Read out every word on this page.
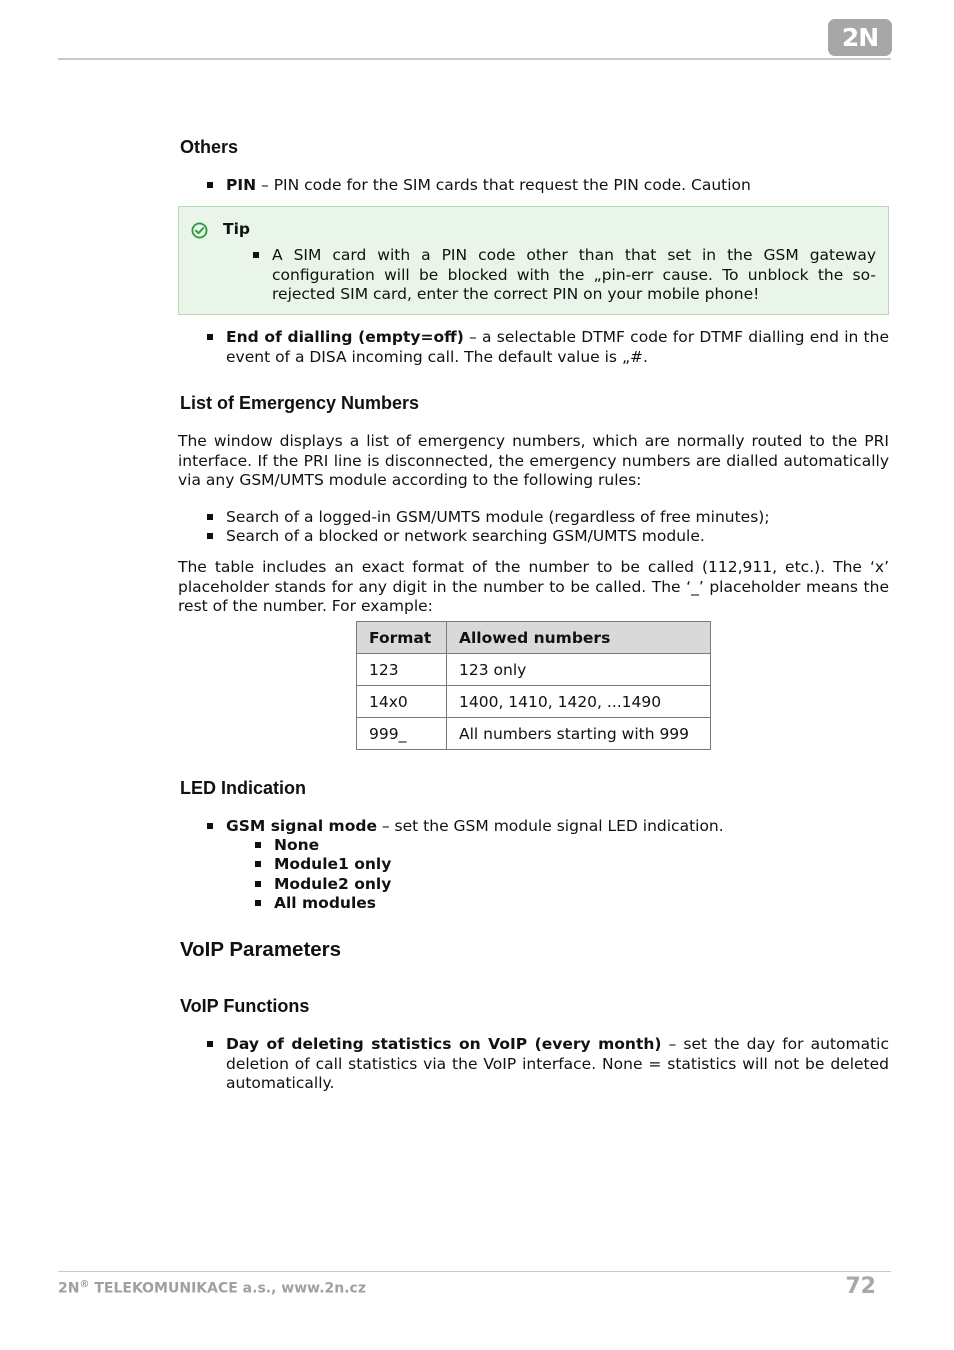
2N
Others
PIN – PIN code for the SIM cards that request the PIN code. Caution
Tip
A SIM card with a PIN code other than that set in the GSM gateway configuration will be blocked with the „pin-err cause. To unblock the so-rejected SIM card, enter the correct PIN on your mobile phone!
End of dialling (empty=off) – a selectable DTMF code for DTMF dialling end in the event of a DISA incoming call. The default value is „#.
List of Emergency Numbers

The window displays a list of emergency numbers, which are normally routed to the PRI interface. If the PRI line is disconnected, the emergency numbers are dialled automatically via any GSM/UMTS module according to the following rules:

Search of a logged-in GSM/UMTS module (regardless of free minutes);
Search of a blocked or network searching GSM/UMTS module.

The table includes an exact format of the number to be called (112,911, etc.). The ‘x’ placeholder stands for any digit in the number to be called. The ‘_’ placeholder means the rest of the number. For example:

LED Indication
GSM signal mode – set the GSM module signal LED indication.
None
Module1 only
Module2 only
All modules
VoIP Parameters
VoIP Functions
Day of deleting statistics on VoIP (every month) – set the day for automatic deletion of call statistics via the VoIP interface. None = statistics will not be deleted automatically.
Format	Allowed numbers
123	123 only
14x0	1400, 1410, 1420, ...1490
999_	All numbers starting with 999
2N® TELEKOMUNIKACE a.s., www.2n.cz	72
